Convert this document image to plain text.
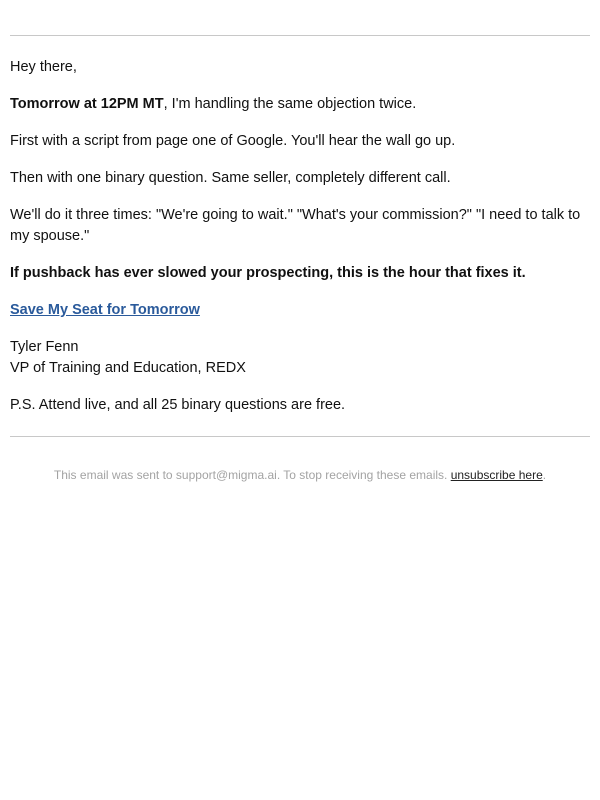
Hey there,

Tomorrow at 12PM MT, I'm handling the same objection twice.

First with a script from page one of Google. You'll hear the wall go up.

Then with one binary question. Same seller, completely different call.

We'll do it three times: "We're going to wait." "What's your commission?" "I need to talk to my spouse."

If pushback has ever slowed your prospecting, this is the hour that fixes it.

Save My Seat for Tomorrow

Tyler Fenn
VP of Training and Education, REDX

P.S. Attend live, and all 25 binary questions are free.

This email was sent to support@migma.ai. To stop receiving these emails. unsubscribe here.
